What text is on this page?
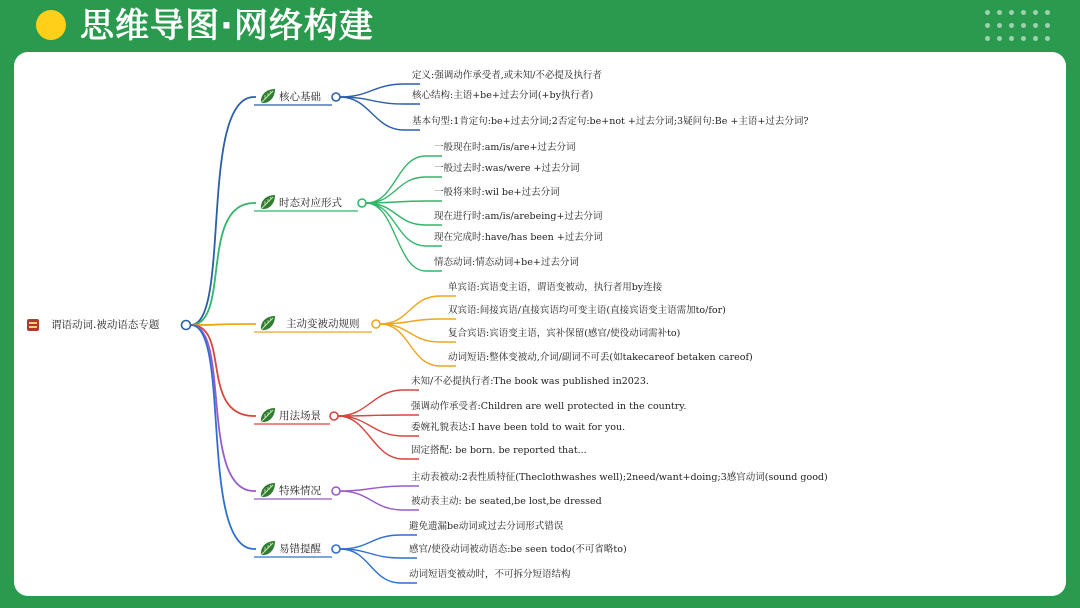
思维导图·网络构建
谓语动词.被动语态专题
核心基础
定义:强调动作承受者,或未知/不必提及执行者
核心结构:主语+be+过去分词(+by执行者)
基本句型:1肯定句:be+过去分词;2否定句:be+not +过去分词;3疑问句:Be +主语+过去分词?
时态对应形式
一般现在时:am/is/are+过去分词
一般过去时:was/were +过去分词
一般将来时:wil be+过去分词
现在进行时:am/is/arebeing+过去分词
现在完成时:have/has been +过去分词
情态动词:情态动词+be+过去分词
主动变被动规则
单宾语:宾语变主语，谓语变被动，执行者用by连接
双宾语:间接宾语/直接宾语均可变主语(直接宾语变主语需加to/for)
复合宾语:宾语变主语，宾补保留(感官/使役动词需补to)
动词短语:整体变被动,介词/副词不可丢(如takecareof betaken careof)
用法场景
未知/不必提执行者:The book was published in2023.
强调动作承受者:Children are well protected in the country.
委婉礼貌表达:I have been told to wait for you.
固定搭配: be born. be reported that...
特殊情况
主动表被动:2表性质特征(Theclothwashes well);2need/want+doing;3感官动词(sound good)
被动表主动: be seated,be lost,be dressed
易错提醒
避免遗漏be动词或过去分词形式错误
感官/使役动词被动语态:be seen todo(不可省略to)
动词短语变被动时，不可拆分短语结构
